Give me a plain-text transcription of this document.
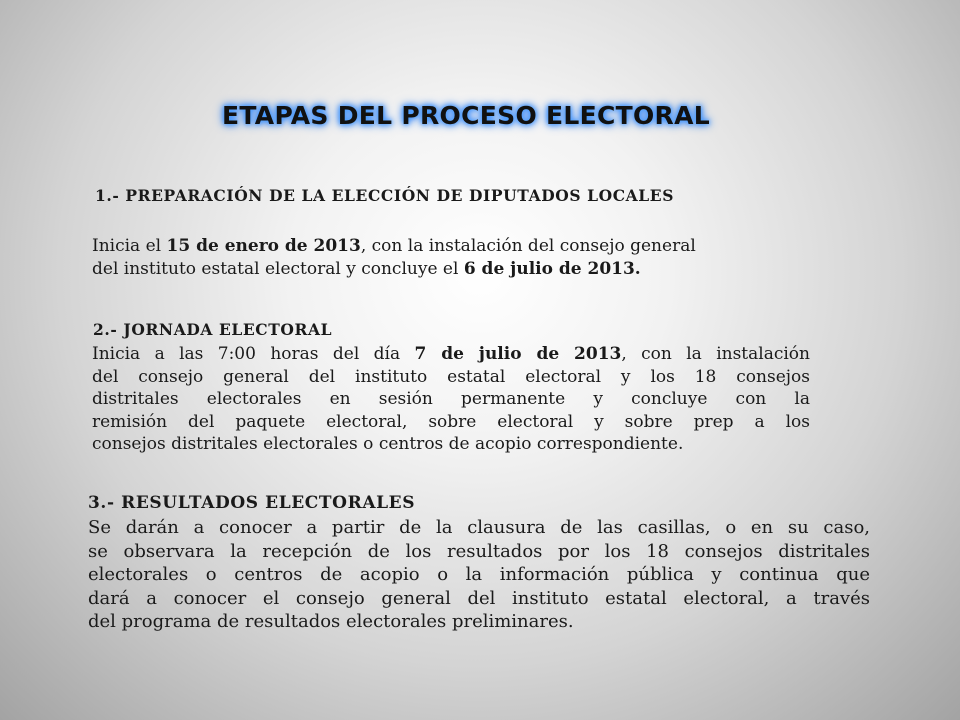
ETAPAS DEL PROCESO ELECTORAL
1.- PREPARACIÓN DE LA ELECCIÓN DE DIPUTADOS LOCALES
Inicia el 15 de enero de 2013, con la instalación del consejo general
del instituto estatal electoral y concluye el 6 de julio de 2013.
2.- JORNADA ELECTORAL
Inicia a las 7:00 horas del día 7 de julio de 2013, con la instalación
del consejo general del instituto estatal electoral y los 18 consejos
distritales electorales en sesión permanente y concluye con la
remisión del paquete electoral, sobre electoral y sobre prep a los
consejos distritales electorales o centros de acopio correspondiente.
3.- RESULTADOS ELECTORALES
Se darán a conocer a partir de la clausura de las casillas, o en su caso,
se observara la recepción de los resultados por los 18 consejos distritales
electorales o centros de acopio o la información pública y continua que
dará a conocer el consejo general del instituto estatal electoral, a través
del programa de resultados electorales preliminares.
